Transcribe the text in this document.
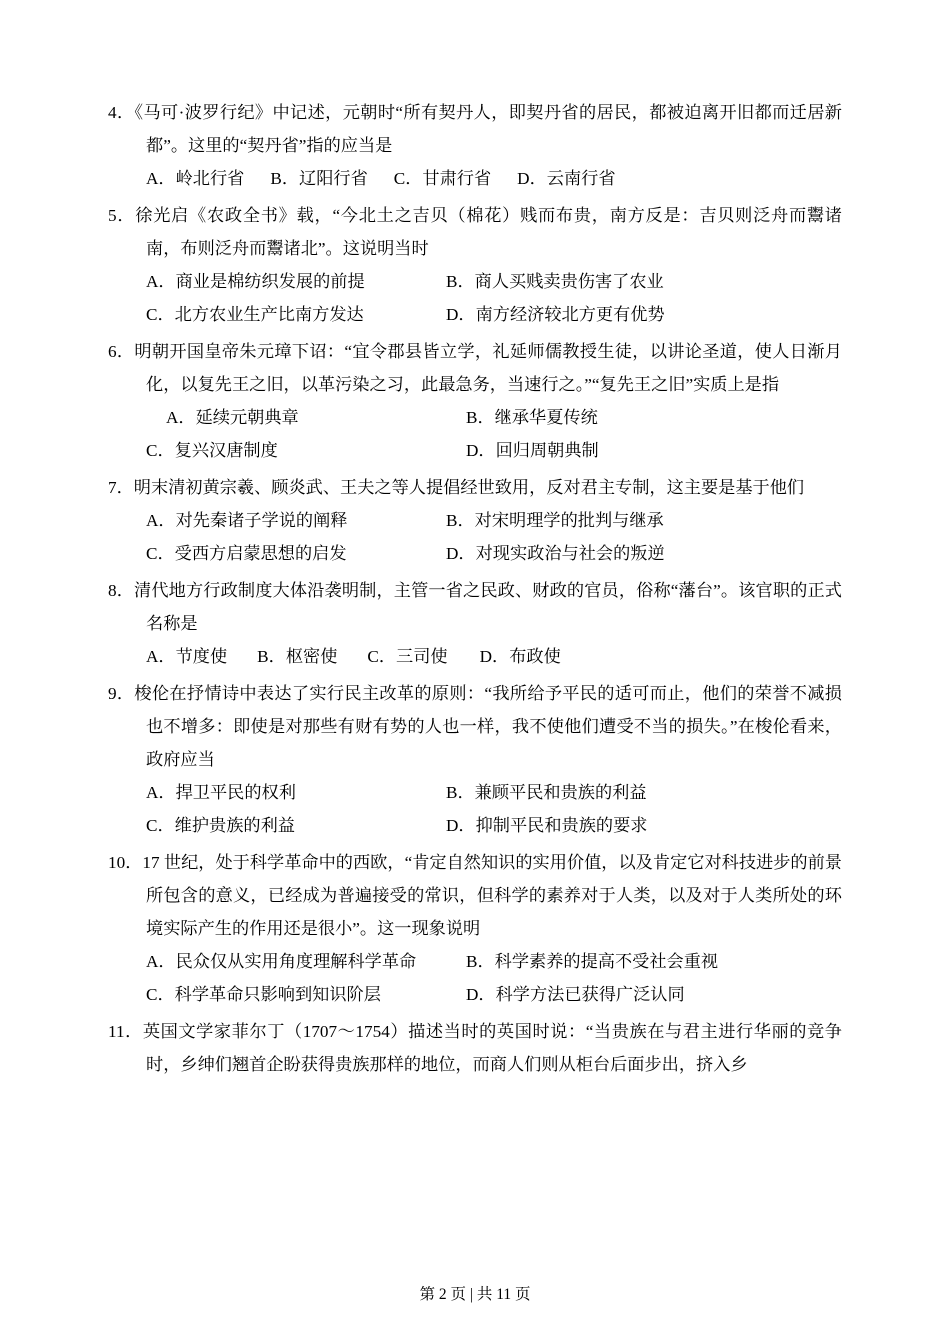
4．《马可·波罗行纪》中记述，元朝时“所有契丹人，即契丹省的居民，都被迫离开旧都而迁居新都”。这里的“契丹省”指的应当是
A．岭北行省 B．辽阳行省 C．甘肃行省 D．云南行省
5．徐光启《农政全书》载，“今北土之吉贝（棉花）贱而布贵，南方反是：吉贝则泛舟而鬻诸南，布则泛舟而鬻诸北”。这说明当时
A．商业是棉纺织发展的前提	B．商人买贱卖贵伤害了农业
C．北方农业生产比南方发达	D．南方经济较北方更有优势
6．明朝开国皇帝朱元璋下诏：“宜令郡县皆立学，礼延师儒教授生徒，以讲论圣道，使人日渐月化，以复先王之旧，以革污染之习，此最急务，当速行之。”“复先王之旧”实质上是指
A．延续元朝典章	B．继承华夏传统
C．复兴汉唐制度	D．回归周朝典制
7．明末清初黄宗羲、顾炎武、王夫之等人提倡经世致用，反对君主专制，这主要是基于他们
A．对先秦诸子学说的阐释	B．对宋明理学的批判与继承
C．受西方启蒙思想的启发	D．对现实政治与社会的叛逆
8．清代地方行政制度大体沿袭明制，主管一省之民政、财政的官员，俗称“藩台”。该官职的正式名称是
A．节度使 B．枢密使 C．三司使 D．布政使
9．梭伦在抒情诗中表达了实行民主改革的原则：“我所给予平民的适可而止，他们的荣誉不减损也不增多：即使是对那些有财有势的人也一样，我不使他们遭受不当的损失。”在梭伦看来，政府应当
A．捍卫平民的权利	B．兼顾平民和贵族的利益
C．维护贵族的利益	D．抑制平民和贵族的要求
10．17 世纪，处于科学革命中的西欧，“肯定自然知识的实用价值，以及肯定它对科技进步的前景所包含的意义，已经成为普遍接受的常识，但科学的素养对于人类，以及对于人类所处的环境实际产生的作用还是很小”。这一现象说明
A．民众仅从实用角度理解科学革命	B．科学素养的提高不受社会重视
C．科学革命只影响到知识阶层	D．科学方法已获得广泛认同
11．英国文学家菲尔丁（1707～1754）描述当时的英国时说：“当贵族在与君主进行华丽的竞争时，乡绅们翘首企盼获得贵族那样的地位，而商人们则从柜台后面步出，挤入乡
第 2 页 | 共 11 页
